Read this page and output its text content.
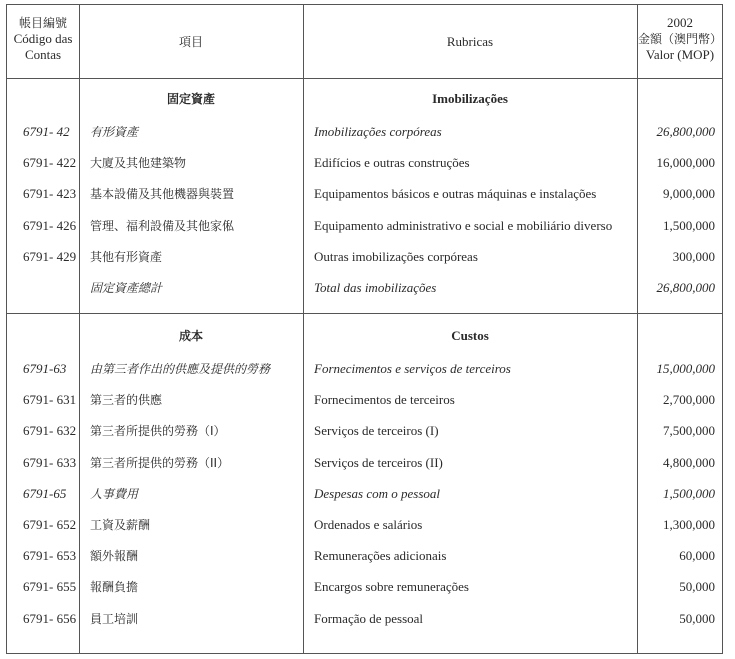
帳目編號
Código das
Contas
項目	Rubricas
2002
金額（澳門幣）
Valor (MOP)
固定資產	Imobilizações
6791- 42 有形資產	Imobilizações corpóreas	26,800,000
6791- 422 大廈及其他建築物	Edifícios e outras construções	16,000,000
6791- 423 基本設備及其他機器與裝置	Equipamentos básicos e outras máquinas e instalações	9,000,000
6791- 426 管理、福利設備及其他家俬	Equipamento administrativo e social e mobiliário diverso	1,500,000
6791- 429 其他有形資產	Outras imobilizações corpóreas	300,000
固定資產總計	Total das imobilizações	26,800,000
成本	Custos
6791-63 由第三者作出的供應及提供的勞務	Fornecimentos e serviços de terceiros	15,000,000
6791- 631 第三者的供應	Fornecimentos de terceiros	2,700,000
6791- 632 第三者所提供的勞務（I）	Serviços de terceiros (I)	7,500,000
6791- 633 第三者所提供的勞務（II）	Serviços de terceiros (II)	4,800,000
6791-65 人事費用	Despesas com o pessoal	1,500,000
6791- 652 工資及薪酬	Ordenados e salários	1,300,000
6791- 653 額外報酬	Remunerações adicionais	60,000
6791- 655 報酬負擔	Encargos sobre remunerações	50,000
6791- 656 員工培訓	Formação de pessoal	50,000
